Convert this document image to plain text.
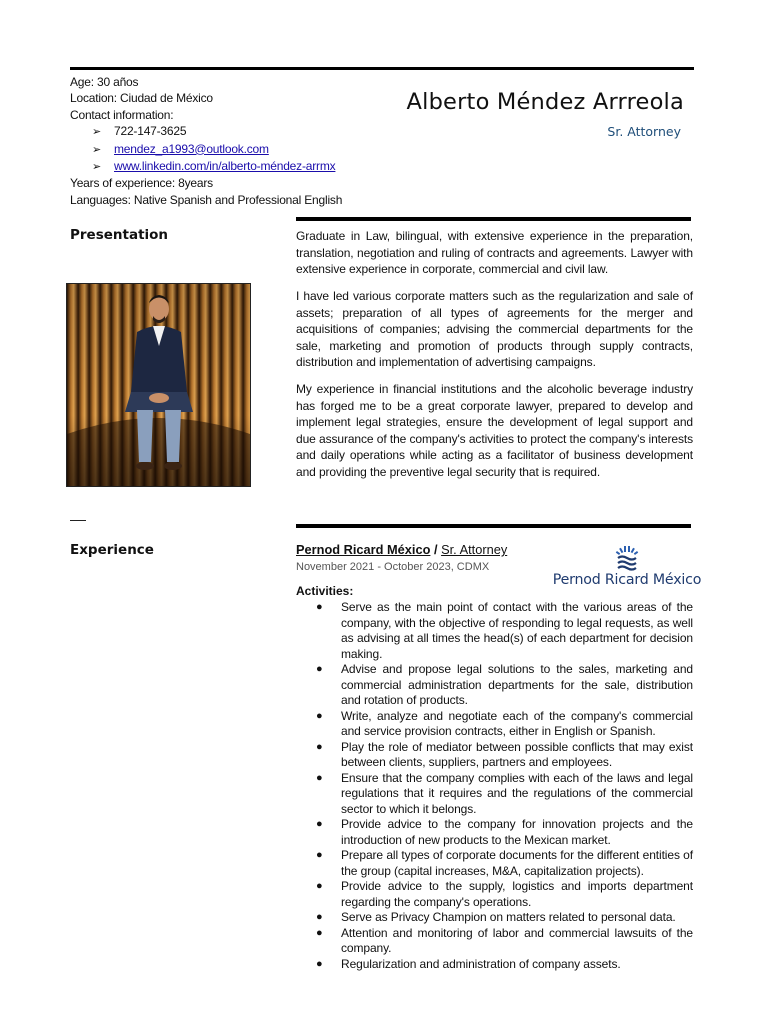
Age: 30 años
Location: Ciudad de México
Contact information:
➢ 722-147-3625
➢ mendez_a1993@outlook.com
➢ www.linkedin.com/in/alberto-méndez-arrmx
Years of experience: 8years
Languages: Native Spanish and Professional English
Alberto Méndez Arrreola
Sr. Attorney
Presentation	Graduate in Law, bilingual, with extensive experience in the preparation, translation, negotiation and ruling of contracts and agreements. Lawyer with extensive experience in corporate, commercial and civil law.

I have led various corporate matters such as the regularization and sale of assets; preparation of all types of agreements for the merger and acquisitions of companies; advising the commercial departments for the sale, marketing and promotion of products through supply contracts, distribution and implementation of advertising campaigns.

My experience in financial institutions and the alcoholic beverage industry has forged me to be a great corporate lawyer, prepared to develop and implement legal strategies, ensure the development of legal support and due assurance of the company's activities to protect the company's interests and daily operations while acting as a facilitator of business development and providing the preventive legal security that is required.

Experience	Pernod Ricard México / Sr. Attorney
November 2021 - October 2023, CDMX
Pernod Ricard México
Activities:
● Serve as the main point of contact with the various areas of the company, with the objective of responding to legal requests, as well as advising at all times the head(s) of each department for decision making.
● Advise and propose legal solutions to the sales, marketing and commercial administration departments for the sale, distribution and rotation of products.
● Write, analyze and negotiate each of the company's commercial and service provision contracts, either in English or Spanish.
● Play the role of mediator between possible conflicts that may exist between clients, suppliers, partners and employees.
● Ensure that the company complies with each of the laws and legal regulations that it requires and the regulations of the commercial sector to which it belongs.
● Provide advice to the company for innovation projects and the introduction of new products to the Mexican market.
● Prepare all types of corporate documents for the different entities of the group (capital increases, M&A, capitalization projects).
● Provide advice to the supply, logistics and imports department regarding the company's operations.
● Serve as Privacy Champion on matters related to personal data.
● Attention and monitoring of labor and commercial lawsuits of the company.
● Regularization and administration of company assets.
